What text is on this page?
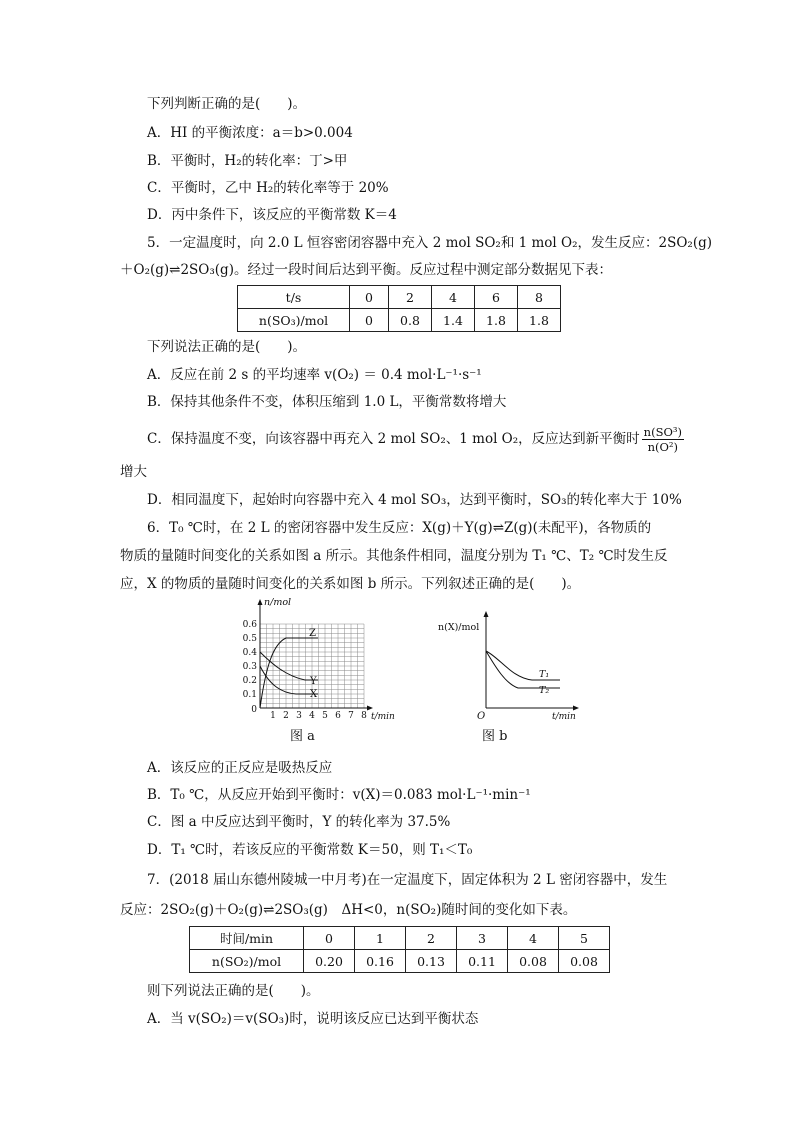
下列判断正确的是(　　)。
A．HI 的平衡浓度：a＝b>0.004
B．平衡时，H₂的转化率：丁>甲
C．平衡时，乙中 H₂的转化率等于 20%
D．丙中条件下，该反应的平衡常数 K＝4
5．一定温度时，向 2.0 L 恒容密闭容器中充入 2 mol SO₂和 1 mol O₂，发生反应：2SO₂(g)
＋O₂(g)⇌2SO₃(g)。经过一段时间后达到平衡。反应过程中测定部分数据见下表：
t/s	0	2	4	6	8
n(SO₃)/mol	0	0.8	1.4	1.8	1.8
下列说法正确的是(　　)。
A．反应在前 2 s 的平均速率 v(O₂) ＝ 0.4 mol·L⁻¹·s⁻¹
B．保持其他条件不变，体积压缩到 1.0 L，平衡常数将增大
C．保持温度不变，向该容器中再充入 2 mol SO₂、1 mol O₂，反应达到新平衡时 $\frac{\text{n(SO³)}}{\text{n(O²)}}$
增大
D．相同温度下，起始时向容器中充入 4 mol SO₃，达到平衡时，SO₃的转化率大于 10%
6．T₀ ℃时，在 2 L 的密闭容器中发生反应：X(g)＋Y(g)⇌Z(g)(未配平)，各物质的
物质的量随时间变化的关系如图 a 所示。其他条件相同，温度分别为 T₁ ℃、T₂ ℃时发生反
应，X 的物质的量随时间变化的关系如图 b 所示。下列叙述正确的是(　　)。
0.6
0.5
0.4
0.3
0.2
0.1
0
1 2 3 4 5 6 7 8
n/mol
t/min
Z
Y
X
图 a
n(X)/mol
t/min
O
T₁
T₂
图 b
A．该反应的正反应是吸热反应
B．T₀ ℃，从反应开始到平衡时：v(X)＝0.083 mol·L⁻¹·min⁻¹
C．图 a 中反应达到平衡时，Y 的转化率为 37.5%
D．T₁ ℃时，若该反应的平衡常数 K＝50，则 T₁＜T₀
7．(2018 届山东德州陵城一中月考)在一定温度下，固定体积为 2 L 密闭容器中，发生
反应：2SO₂(g)＋O₂(g)⇌2SO₃(g)　ΔH<0，n(SO₂)随时间的变化如下表。
时间/min	0	1	2	3	4	5
n(SO₂)/mol	0.20	0.16	0.13	0.11	0.08	0.08
则下列说法正确的是(　　)。
A．当 v(SO₂)＝v(SO₃)时，说明该反应已达到平衡状态
